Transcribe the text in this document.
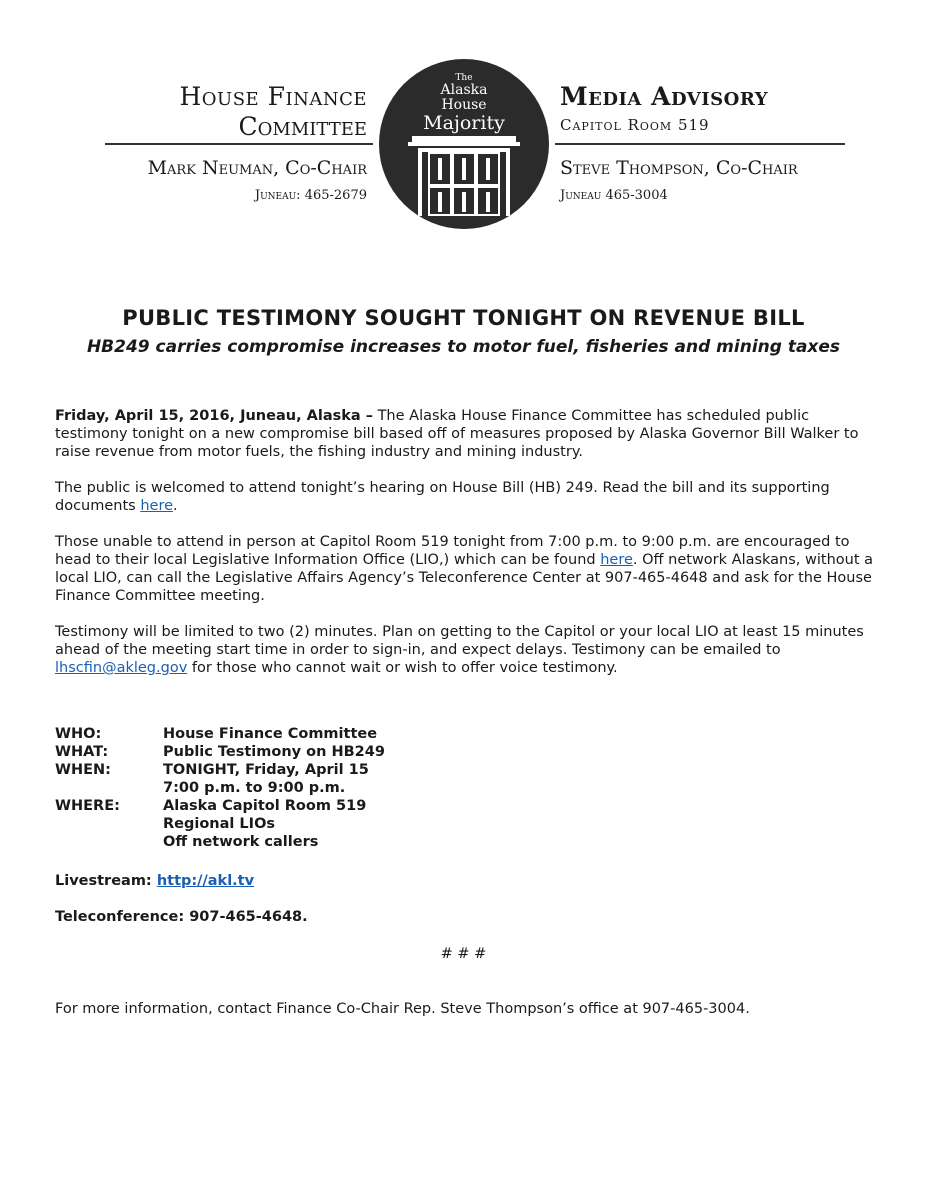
House Finance
Committee
Mark Neuman, Co-Chair
Juneau: 465-2679
The
Alaska
House
Majority
Media Advisory
Capitol Room 519
Steve Thompson, Co-Chair
Juneau 465-3004
PUBLIC TESTIMONY SOUGHT TONIGHT ON REVENUE BILL
HB249 carries compromise increases to motor fuel, fisheries and mining taxes

Friday, April 15, 2016, Juneau, Alaska – The Alaska House Finance Committee has scheduled public testimony tonight on a new compromise bill based off of measures proposed by Alaska Governor Bill Walker to raise revenue from motor fuels, the fishing industry and mining industry.

The public is welcomed to attend tonight’s hearing on House Bill (HB) 249. Read the bill and its supporting documents here.

Those unable to attend in person at Capitol Room 519 tonight from 7:00 p.m. to 9:00 p.m. are encouraged to head to their local Legislative Information Office (LIO,) which can be found here. Off network Alaskans, without a local LIO, can call the Legislative Affairs Agency’s Teleconference Center at 907-465-4648 and ask for the House Finance Committee meeting.

Testimony will be limited to two (2) minutes. Plan on getting to the Capitol or your local LIO at least 15 minutes ahead of the meeting start time in order to sign-in, and expect delays. Testimony can be emailed to lhscfin@akleg.gov for those who cannot wait or wish to offer voice testimony.

WHO:	House Finance Committee
WHAT:	Public Testimony on HB249
WHEN:	TONIGHT, Friday, April 15
7:00 p.m. to 9:00 p.m.
WHERE:	Alaska Capitol Room 519
Regional LIOs
Off network callers
Livestream: http://akl.tv
Teleconference: 907-465-4648.
# # #
For more information, contact Finance Co-Chair Rep. Steve Thompson’s office at 907-465-3004.
